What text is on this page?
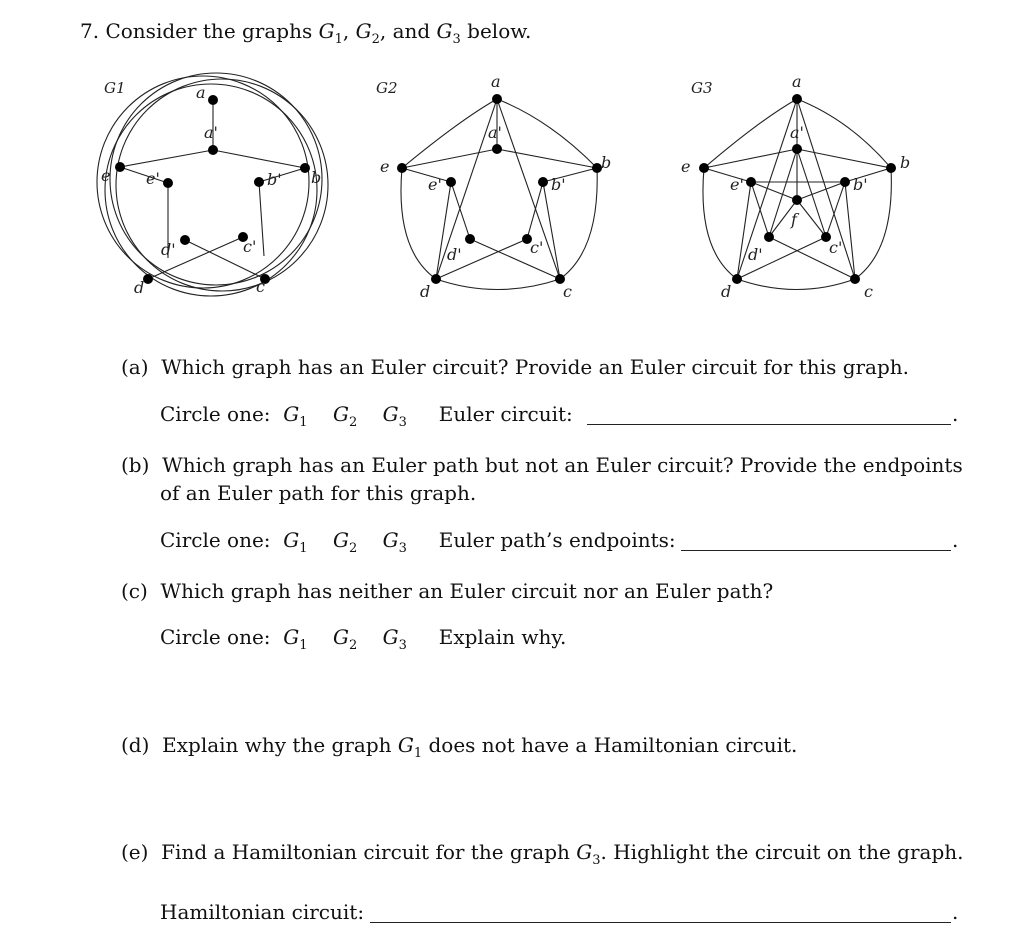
7. Consider the graphs $G_1$, $G_2$, and $G_3$ below.
G1	a
a'
e e'	b' b
d'	c'
d	c
G2	a
a'
e
e'	b'
b
d'	c'
d	c
G3	a
a'
e
e'	b'
b
f
d'	c'
d	c
(a) Which graph has an Euler circuit? Provide an Euler circuit for this graph.
Circle one: $G_1$ $G_2$ $G_3$ Euler circuit:	.
(b) Which graph has an Euler path but not an Euler circuit? Provide the endpoints
of an Euler path for this graph.
Circle one: $G_1$ $G_2$ $G_3$ Euler path’s endpoints:	.
(c) Which graph has neither an Euler circuit nor an Euler path?
Circle one: $G_1$ $G_2$ $G_3$ Explain why.
(d) Explain why the graph $G_1$ does not have a Hamiltonian circuit.
(e) Find a Hamiltonian circuit for the graph $G_3$. Highlight the circuit on the graph.
Hamiltonian circuit:	.
